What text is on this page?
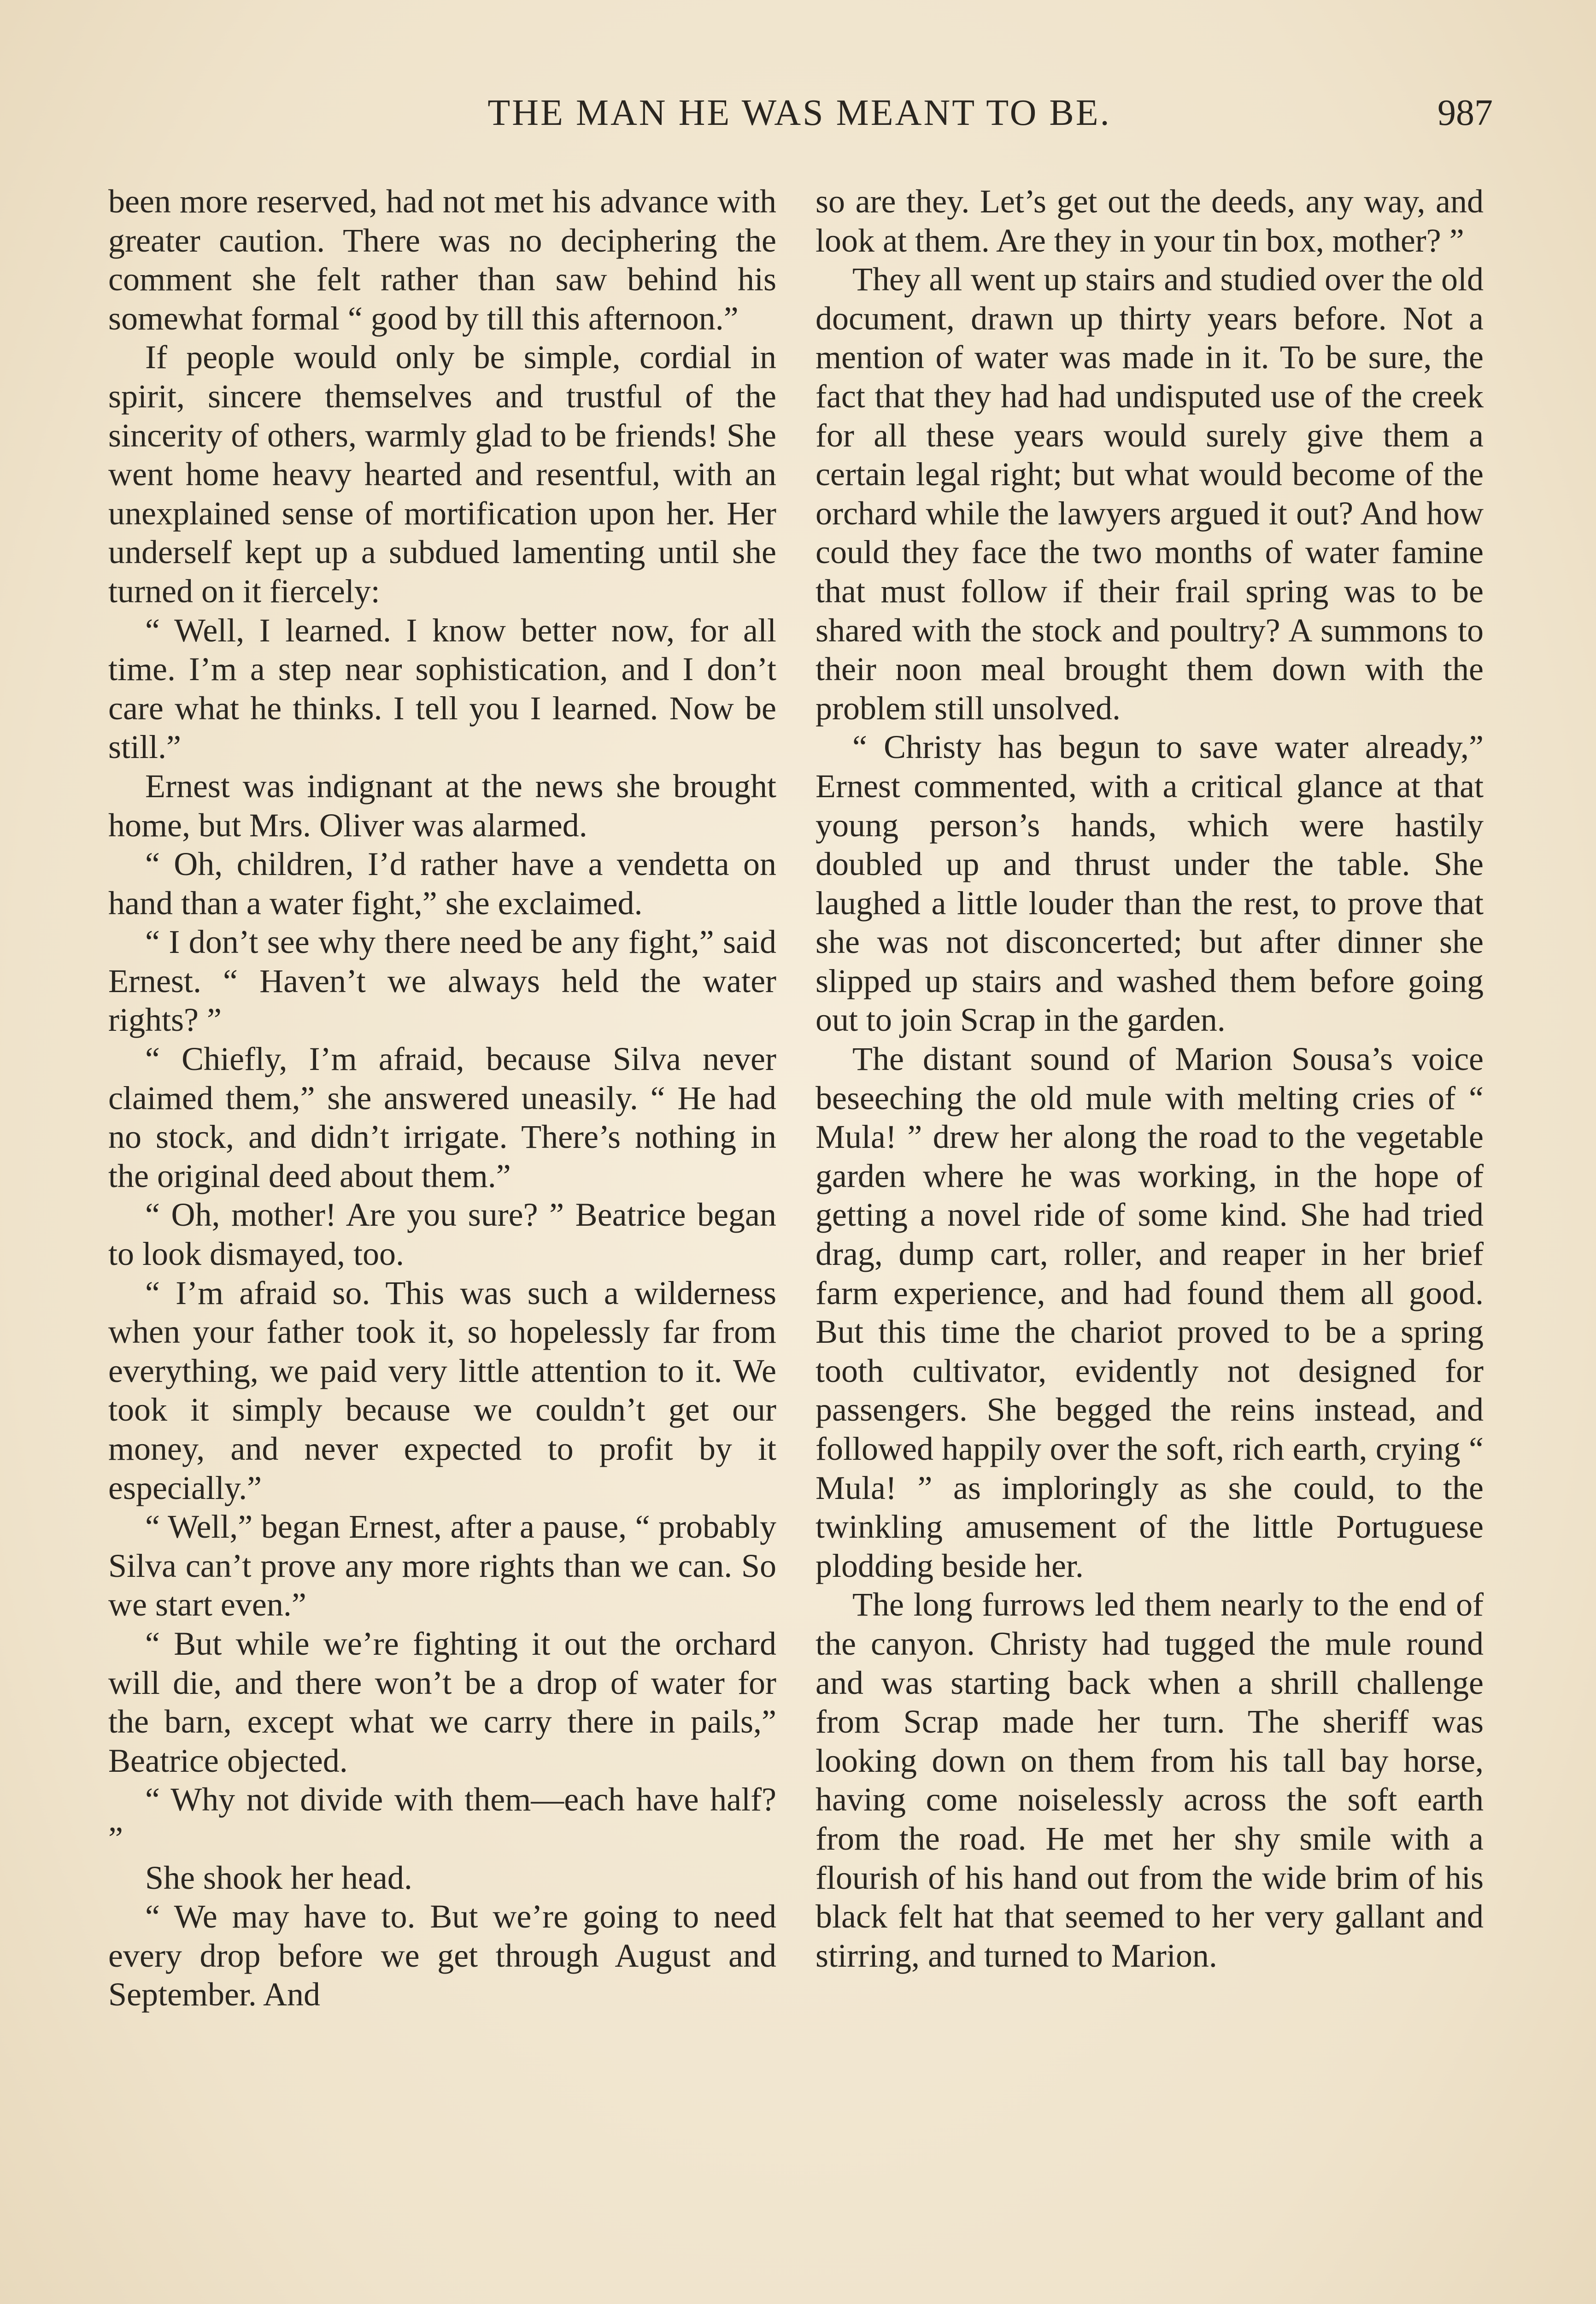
THE MAN HE WAS MEANT TO BE.	987

been more reserved, had not met his advance with greater caution. There was no deciphering the comment she felt rather than saw behind his somewhat formal “ good by till this afternoon.”

If people would only be simple, cordial in spirit, sincere themselves and trustful of the sincerity of others, warmly glad to be friends! She went home heavy hearted and resentful, with an unexplained sense of mortification upon her. Her underself kept up a subdued lamenting until she turned on it fiercely:

“ Well, I learned. I know better now, for all time. I’m a step near sophistication, and I don’t care what he thinks. I tell you I learned. Now be still.”

Ernest was indignant at the news she brought home, but Mrs. Oliver was alarmed.

“ Oh, children, I’d rather have a vendetta on hand than a water fight,” she exclaimed.

“ I don’t see why there need be any fight,” said Ernest. “ Haven’t we always held the water rights? ”

“ Chiefly, I’m afraid, because Silva never claimed them,” she answered uneasily. “ He had no stock, and didn’t irrigate. There’s nothing in the original deed about them.”

“ Oh, mother! Are you sure? ” Beatrice began to look dismayed, too.

“ I’m afraid so. This was such a wilderness when your father took it, so hopelessly far from everything, we paid very little attention to it. We took it simply because we couldn’t get our money, and never expected to profit by it especially.”

“ Well,” began Ernest, after a pause, “ probably Silva can’t prove any more rights than we can. So we start even.”

“ But while we’re fighting it out the orchard will die, and there won’t be a drop of water for the barn, except what we carry there in pails,” Beatrice objected.

“ Why not divide with them—each have half? ”

She shook her head.

“ We may have to. But we’re going to need every drop before we get through August and September. And

so are they. Let’s get out the deeds, any way, and look at them. Are they in your tin box, mother? ”

They all went up stairs and studied over the old document, drawn up thirty years before. Not a mention of water was made in it. To be sure, the fact that they had had undisputed use of the creek for all these years would surely give them a certain legal right; but what would become of the orchard while the lawyers argued it out? And how could they face the two months of water famine that must follow if their frail spring was to be shared with the stock and poultry? A summons to their noon meal brought them down with the problem still unsolved.

“ Christy has begun to save water already,” Ernest commented, with a critical glance at that young person’s hands, which were hastily doubled up and thrust under the table. She laughed a little louder than the rest, to prove that she was not disconcerted; but after dinner she slipped up stairs and washed them before going out to join Scrap in the garden.

The distant sound of Marion Sousa’s voice beseeching the old mule with melting cries of “ Mula! ” drew her along the road to the vegetable garden where he was working, in the hope of getting a novel ride of some kind. She had tried drag, dump cart, roller, and reaper in her brief farm experience, and had found them all good. But this time the chariot proved to be a spring tooth cultivator, evidently not designed for passengers. She begged the reins instead, and followed happily over the soft, rich earth, crying “ Mula! ” as imploringly as she could, to the twinkling amusement of the little Portuguese plodding beside her.

The long furrows led them nearly to the end of the canyon. Christy had tugged the mule round and was starting back when a shrill challenge from Scrap made her turn. The sheriff was looking down on them from his tall bay horse, having come noiselessly across the soft earth from the road. He met her shy smile with a flourish of his hand out from the wide brim of his black felt hat that seemed to her very gallant and stirring, and turned to Marion.
